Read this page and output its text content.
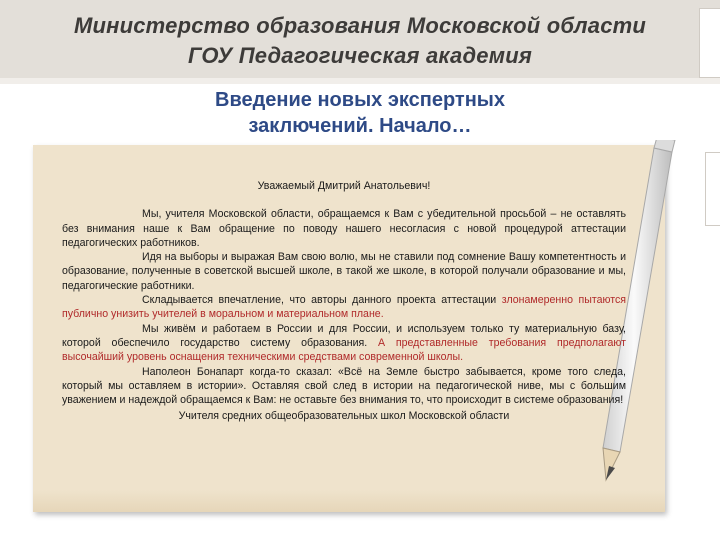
Министерство образования Московской области
ГОУ Педагогическая академия
Введение новых экспертных
заключений. Начало…

Уважаемый Дмитрий Анатольевич!

Мы, учителя Московской области, обращаемся к Вам с убедительной просьбой – не оставлять без внимания наше к Вам обращение по поводу нашего несогласия с новой процедурой аттестации педагогических работников.

Идя на выборы и выражая Вам свою волю, мы не ставили под сомнение Вашу компетентность и образование, полученные в советской высшей школе, в такой же школе, в которой получали образование и мы, педагогические работники.

Складывается впечатление, что авторы данного проекта аттестации злонамеренно пытаются публично унизить учителей в моральном и материальном плане.

Мы живём и работаем в России и для России, и используем только ту материальную базу, которой обеспечило государство систему образования. А представленные требования предполагают высочайший уровень оснащения техническими средствами современной школы.

Наполеон Бонапарт когда-то сказал: «Всё на Земле быстро забывается, кроме того следа, который мы оставляем в истории». Оставляя свой след в истории на педагогической ниве, мы с большим уважением и надеждой обращаемся к Вам: не оставьте без внимания то, что происходит в системе образования!

Учителя средних общеобразовательных школ Московской области
